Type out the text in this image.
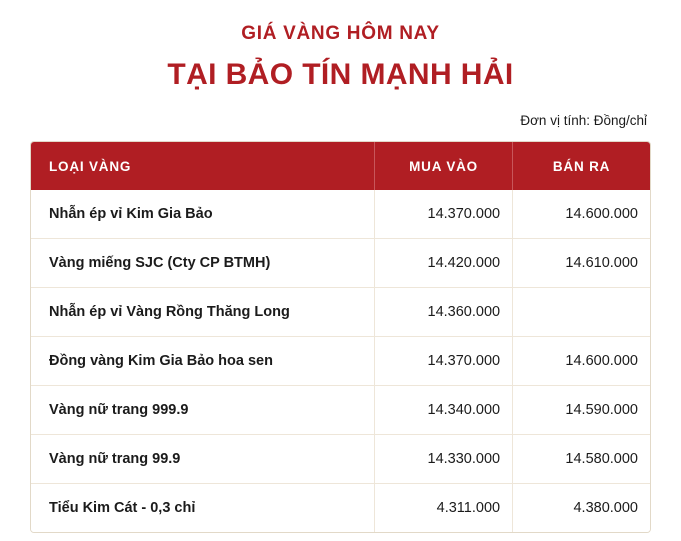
GIÁ VÀNG HÔM NAY
TẠI BẢO TÍN MẠNH HẢI
Đơn vị tính: Đồng/chỉ
LOẠI VÀNG	MUA VÀO	BÁN RA
Nhẫn ép vỉ Kim Gia Bảo	14.370.000	14.600.000
Vàng miếng SJC (Cty CP BTMH)	14.420.000	14.610.000
Nhẫn ép vỉ Vàng Rồng Thăng Long	14.360.000	
Đồng vàng Kim Gia Bảo hoa sen	14.370.000	14.600.000
Vàng nữ trang 999.9	14.340.000	14.590.000
Vàng nữ trang 99.9	14.330.000	14.580.000
Tiểu Kim Cát - 0,3 chỉ	4.311.000	4.380.000
